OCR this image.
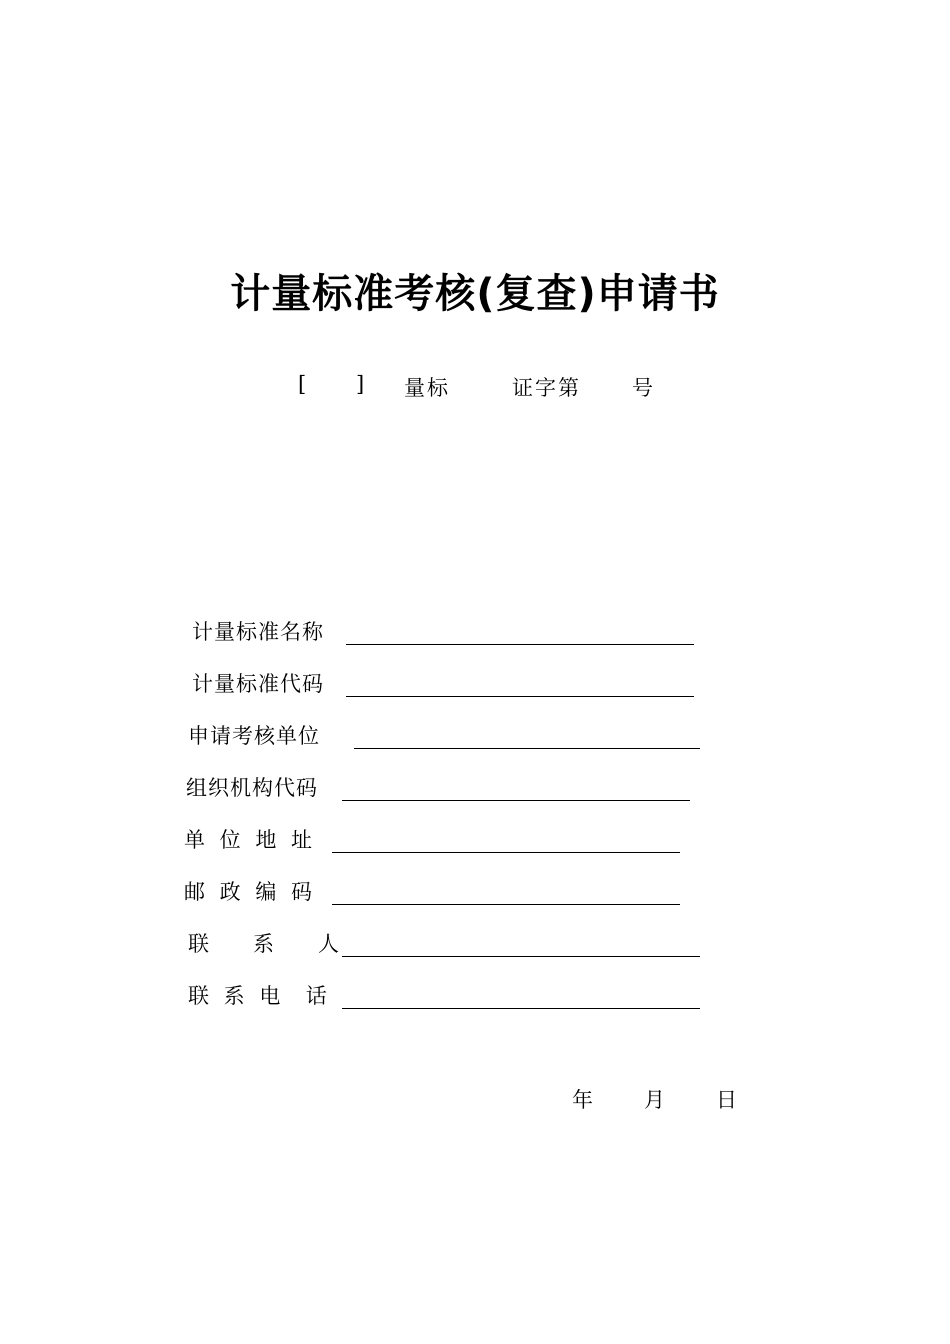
计量标准考核(复查)申请书
[ ] 量标	证字第 号
计量标准名称
计量标准代码
申请考核单位
组织机构代码
单 位 地 址
邮 政 编 码
联   系   人
联 系 电  话
年 月 日
